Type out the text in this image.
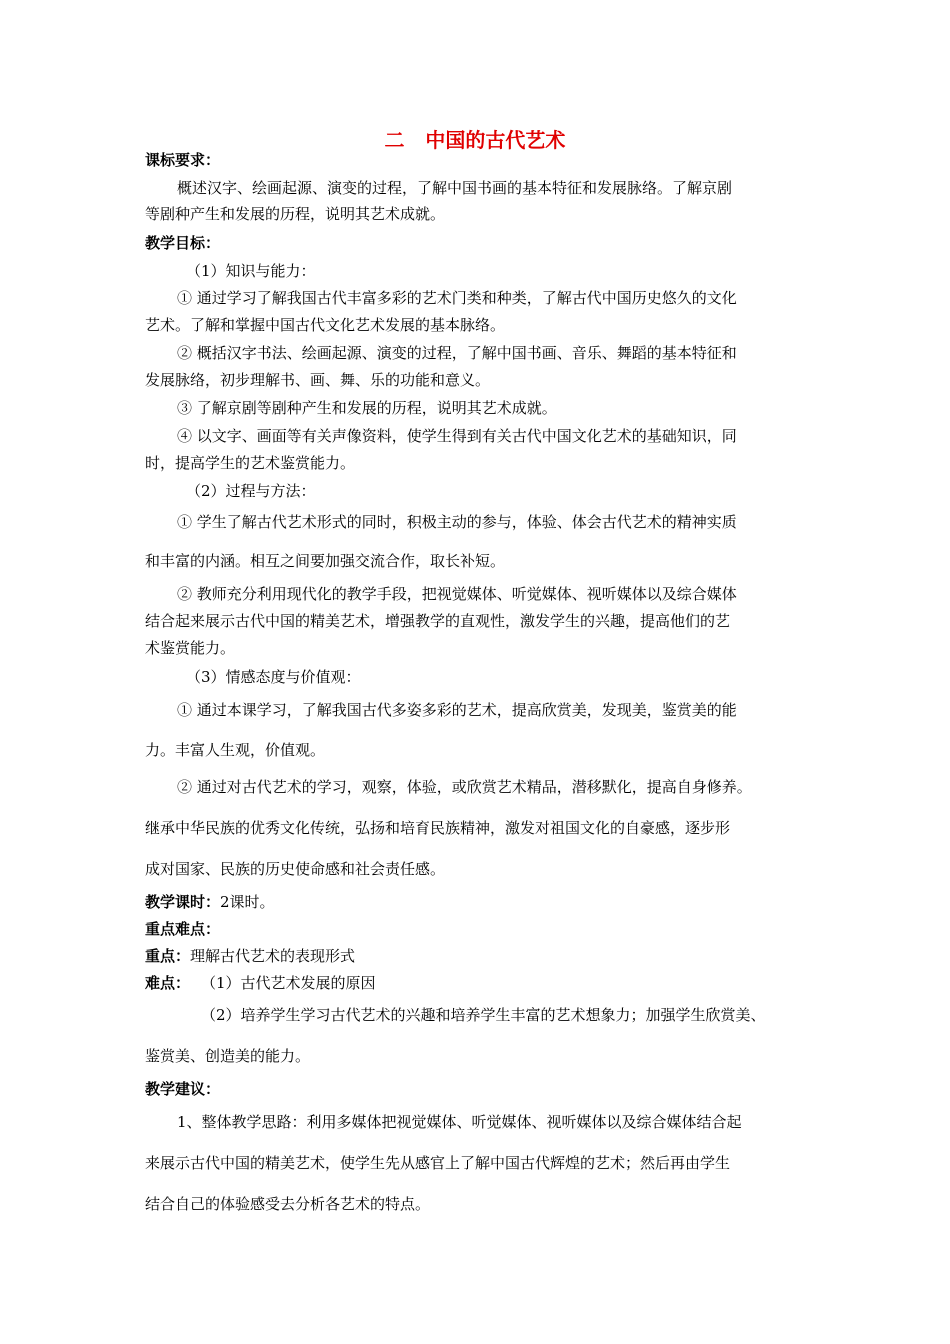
二   中国的古代艺术
课标要求：
概述汉字、绘画起源、演变的过程，了解中国书画的基本特征和发展脉络。了解京剧
等剧种产生和发展的历程，说明其艺术成就。
教学目标：
（1）知识与能力：
① 通过学习了解我国古代丰富多彩的艺术门类和种类，了解古代中国历史悠久的文化
艺术。了解和掌握中国古代文化艺术发展的基本脉络。
② 概括汉字书法、绘画起源、演变的过程，了解中国书画、音乐、舞蹈的基本特征和
发展脉络，初步理解书、画、舞、乐的功能和意义。
③ 了解京剧等剧种产生和发展的历程，说明其艺术成就。
④ 以文字、画面等有关声像资料，使学生得到有关古代中国文化艺术的基础知识，同
时，提高学生的艺术鉴赏能力。
（2）过程与方法：
① 学生了解古代艺术形式的同时，积极主动的参与，体验、体会古代艺术的精神实质
和丰富的内涵。相互之间要加强交流合作，取长补短。
② 教师充分利用现代化的教学手段，把视觉媒体、听觉媒体、视听媒体以及综合媒体
结合起来展示古代中国的精美艺术，增强教学的直观性，激发学生的兴趣，提高他们的艺
术鉴赏能力。
（3）情感态度与价值观：
① 通过本课学习，了解我国古代多姿多彩的艺术，提高欣赏美，发现美，鉴赏美的能
力。丰富人生观，价值观。
② 通过对古代艺术的学习，观察，体验，或欣赏艺术精品，潜移默化，提高自身修养。
继承中华民族的优秀文化传统，弘扬和培育民族精神，激发对祖国文化的自豪感，逐步形
成对国家、民族的历史使命感和社会责任感。
教学课时：2课时。
重点难点：
重点：理解古代艺术的表现形式
难点： （1）古代艺术发展的原因
（2）培养学生学习古代艺术的兴趣和培养学生丰富的艺术想象力；加强学生欣赏美、
鉴赏美、创造美的能力。
教学建议：
1、整体教学思路：利用多媒体把视觉媒体、听觉媒体、视听媒体以及综合媒体结合起
来展示古代中国的精美艺术，使学生先从感官上了解中国古代辉煌的艺术；然后再由学生
结合自己的体验感受去分析各艺术的特点。
